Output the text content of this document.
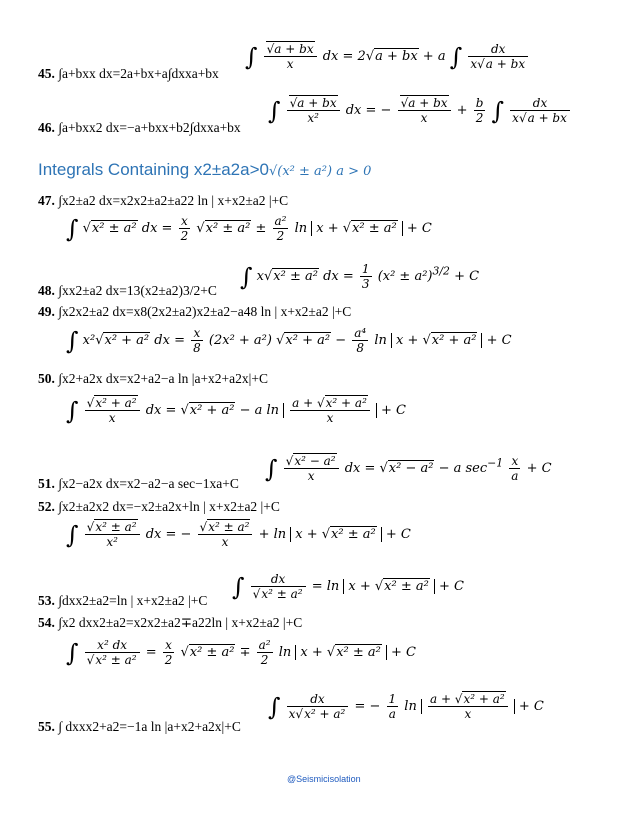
∫ $\frac{√a + bx}{x}$ dx = 2√a + bx + a ∫ $\frac{dx}{x√a + bx}$
45. ∫a+bxx dx=2a+bx+a∫dxxa+bx
∫ $\frac{√a + bx}{\text{x²}}$ dx = − $\frac{√a + bx}{x} + \frac{b}{2}$ ∫ $\frac{dx}{x√a + bx}$
46. ∫a+bxx2 dx=−a+bxx+b2∫dxxa+bx
Integrals Containing x2±a2a>0√(x² ± a²) a > 0
47. ∫x2±a2 dx=x2x2±a2±a22 ln | x+x2±a2 |+C
∫ √x² ± a² dx = $\frac{x}{2} √x^2 \pm a^2 \pm \frac{\text{a²}}{2}$ ln x + √x² ± a² + C
∫ x√x² ± a² dx = $\frac{1}{3} (x^2 \pm a^2)^{3/2} + C$
48. ∫xx2±a2 dx=13(x2±a2)3/2+C
49. ∫x2x2±a2 dx=x8(2x2±a2)x2±a2−a48 ln | x+x2±a2 |+C
∫ x²√x² + a² dx = $\frac{x}{8} (2x^2 + a^2) √x^2 + a^2 - \frac{\text{a⁴}}{8}$ ln x + √x² + a² + C
50. ∫x2+a2x dx=x2+a2−a ln |a+x2+a2x|+C
∫ $\frac{\text{√x² + a²}}{x}$ dx = √x² + a² − a $\ln \frac{\text{a + √x² + a²}}{x} + C$
∫ $\frac{\text{√x² − a²}}{x}$ dx = √x² − a² − a $\sec^{-1} \frac{x}{a} + C$
51. ∫x2−a2x dx=x2−a2−a sec−1xa+C
52. ∫x2±a2x2 dx=−x2±a2x+ln | x+x2±a2 |+C
∫ $\frac{\text{√x² ± a²}}{\text{x²}}$ dx = − $\frac{\text{√x² ± a²}}{x} + \ln x + √x^2 \pm a^2 + C$
∫ $\frac{dx}{\text{√x² ± a²}} = \ln x + √x^2 \pm a^2 + C$
53. ∫dxx2±a2=ln | x+x2±a2 |+C
54. ∫x2 dxx2±a2=x2x2±a2∓a22ln | x+x2±a2 |+C
∫ $\frac{\text{x² dx}}{\text{√x² ± a²}} = \frac{x}{2} √x^2 \pm a^2 \mp \frac{\text{a²}}{2}$ ln x + √x² ± a² + C
∫ $\frac{dx}{\text{x√x² + a²}}$ = − $\frac{1}{a}$ $\ln \frac{\text{a + √x² + a²}}{x} + C$
55. ∫ dxxx2+a2=−1a ln |a+x2+a2x|+C
@Seismicisolation
